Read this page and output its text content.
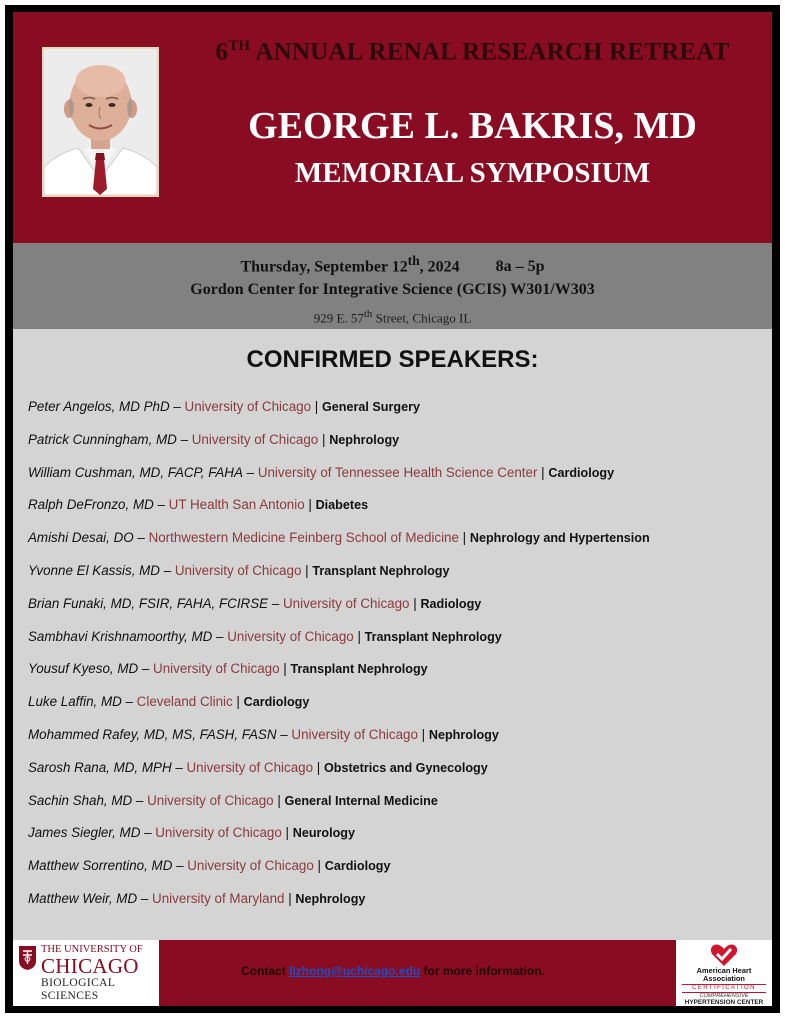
6TH ANNUAL RENAL RESEARCH RETREAT
GEORGE L. BAKRIS, MD
MEMORIAL SYMPOSIUM
Thursday, September 12th, 2024 8a – 5p
Gordon Center for Integrative Science (GCIS) W301/W303
929 E. 57th Street, Chicago IL
CONFIRMED SPEAKERS:
Peter Angelos, MD PhD – University of Chicago | General Surgery
Patrick Cunningham, MD – University of Chicago | Nephrology
William Cushman, MD, FACP, FAHA – University of Tennessee Health Science Center | Cardiology
Ralph DeFronzo, MD – UT Health San Antonio | Diabetes
Amishi Desai, DO – Northwestern Medicine Feinberg School of Medicine | Nephrology and Hypertension
Yvonne El Kassis, MD – University of Chicago | Transplant Nephrology
Brian Funaki, MD, FSIR, FAHA, FCIRSE – University of Chicago | Radiology
Sambhavi Krishnamoorthy, MD – University of Chicago | Transplant Nephrology
Yousuf Kyeso, MD – University of Chicago | Transplant Nephrology
Luke Laffin, MD – Cleveland Clinic | Cardiology
Mohammed Rafey, MD, MS, FASH, FASN – University of Chicago | Nephrology
Sarosh Rana, MD, MPH – University of Chicago | Obstetrics and Gynecology
Sachin Shah, MD – University of Chicago | General Internal Medicine
James Siegler, MD – University of Chicago | Neurology
Matthew Sorrentino, MD – University of Chicago | Cardiology
Matthew Weir, MD – University of Maryland | Nephrology
THE UNIVERSITY OF
CHICAGO
BIOLOGICAL
SCIENCES
Contact lizhong@uchicago.edu for more information.	American Heart
Association
CERTIFICATION
COMPREHENSIVE
HYPERTENSION CENTER
